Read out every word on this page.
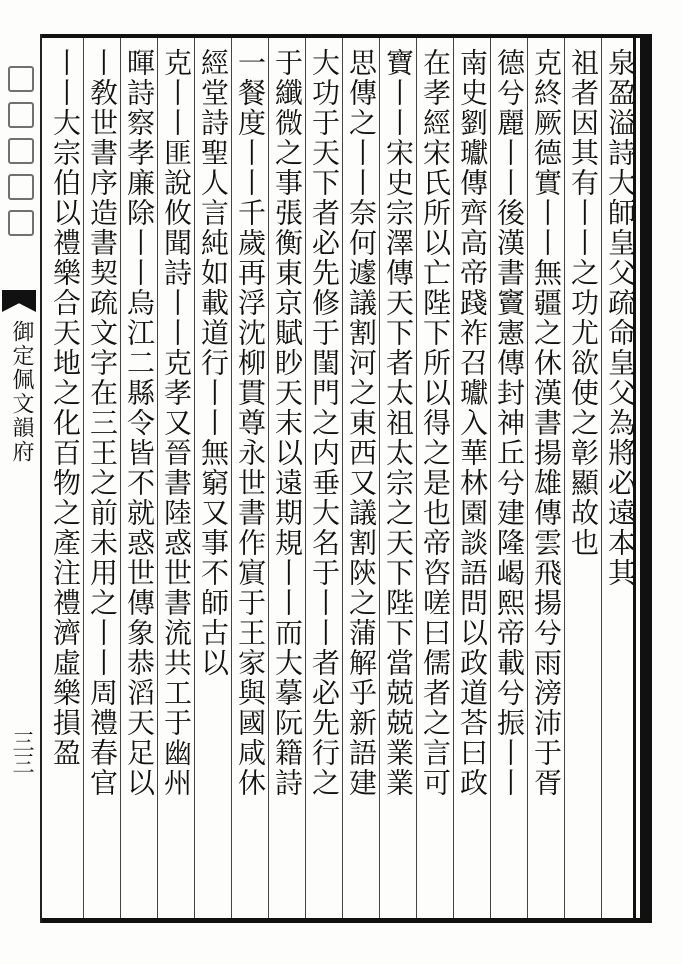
御定佩文韻府
三三
泉盈溢詩大師皇父疏命皇父為將必遠本其
祖者因其有丨丨之功尤欲使之彰顯故也
克終厥德實丨丨無疆之休漢書揚雄傳雲飛揚兮雨滂沛于胥
德兮麗丨丨後漢書竇憲傳封神丘兮建隆嵑熙帝載兮振丨丨
南史劉瓛傳齊高帝踐祚召瓛入華林園談語問以政道荅曰政
在孝經宋氏所以亡陛下所以得之是也帝咨嗟曰儒者之言可
寶丨丨宋史宗澤傳天下者太祖太宗之天下陛下當兢兢業業
思傳之丨丨奈何遽議割河之東西又議割陝之蒲解乎新語建
大功于天下者必先修于閨門之内垂大名于丨丨者必先行之
于纖微之事張衡東京賦眇天末以遠期規丨丨而大摹阮籍詩
一餐度丨丨千歲再浮沈柳貫尊永世書作賔于王家與國咸休
經堂詩聖人言純如載道行丨丨無窮又事不師古以
克丨丨匪說攸聞詩丨丨克孝又晉書陸惑世書流共工于幽州
暉詩察孝廉除丨丨烏江二縣令皆不就惑世傳象恭滔天足以
丨敎世書序造書契疏文字在三王之前未用之丨丨周禮春官
丨丨大宗伯以禮樂合天地之化百物之產注禮濟虛樂損盈
